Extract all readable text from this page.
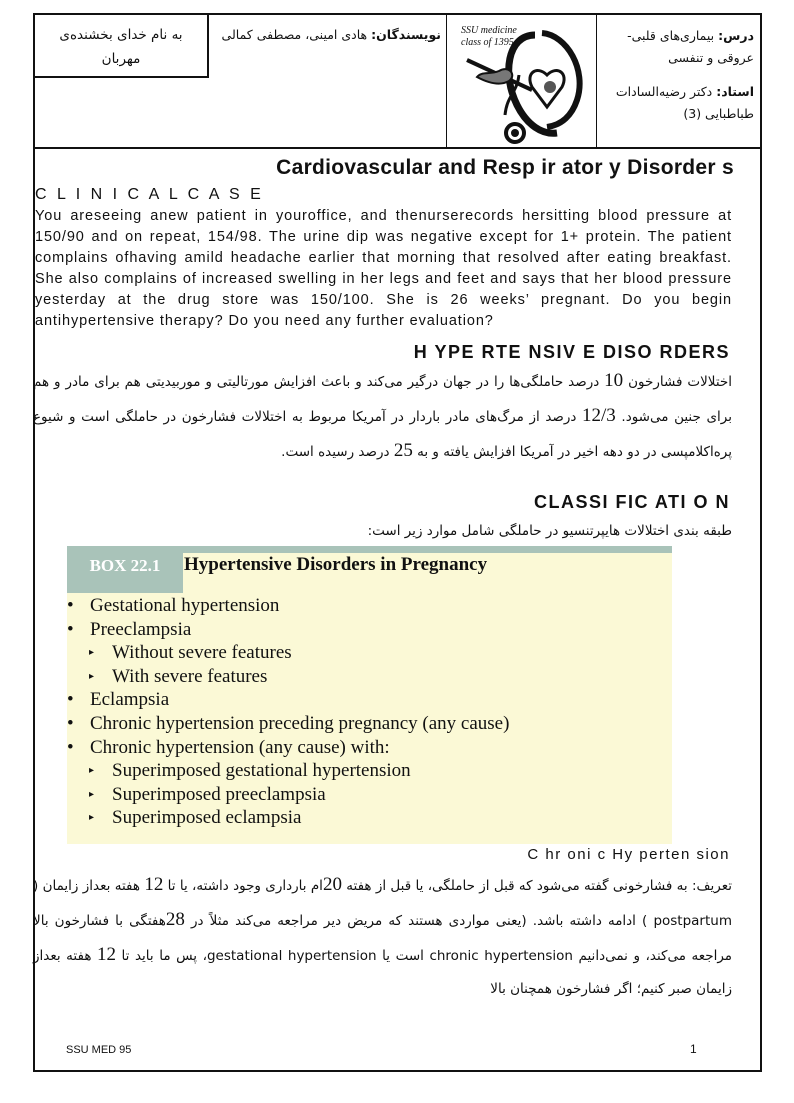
به نام خدای بخشنده‌ی مهربان
نویسندگان: هادی امینی، مصطفی کمالی	SSU medicine
class of 1395	درس: بیماری‌های قلبی-عروقی و تنفسی
استاد: دکتر رضیه‌السادات طباطبایی (3)
Cardiovascular and Resp ir ator y Disorder s
C L I N I C A L C A S E
You areseeing anew patient in youroffice, and thenurserecords hersitting blood pressure at 150/90 and on repeat, 154/98. The urine dip was negative except for 1+ protein. The patient complains ofhaving amild headache earlier that morning that resolved after eating breakfast. She also complains of increased swelling in her legs and feet and says that her blood pressure yesterday at the drug store was 150/100. She is 26 weeks’ pregnant. Do you begin antihypertensive therapy? Do you need any further evaluation?
H YPE RTE NSIV E DISO RDERS
اختلالات فشارخون 10 درصد حاملگی‌ها را در جهان درگیر می‌کند و باعث افزایش مورتالیتی و موربیدیتی هم برای مادر و هم برای جنین می‌شود. 12/3 درصد از مرگ‌های مادر باردار در آمریکا مربوط به اختلالات فشارخون در حاملگی است و شیوع پره‌اکلامپسی در دو دهه اخیر در آمریکا افزایش یافته و به 25 درصد رسیده است.
CLASSI FIC ATI O N
طبقه بندی اختلالات هایپرتنسیو در حاملگی شامل موارد زیر است:
BOX 22.1	Hypertensive Disorders in Pregnancy
• Gestational hypertension
• Preeclampsia
▸ Without severe features
▸ With severe features
• Eclampsia
• Chronic hypertension preceding pregnancy (any cause)
• Chronic hypertension (any cause) with:
▸ Superimposed gestational hypertension
▸ Superimposed preeclampsia
▸ Superimposed eclampsia
C hr oni c Hy perten sion
تعریف: به فشارخونی گفته می‌شود که قبل از حاملگی، یا قبل از هفته 20ام بارداری وجود داشته، یا تا 12 هفته بعداز زایمان ( postpartum ) ادامه داشته باشد. (یعنی مواردی هستند که مریض دیر مراجعه می‌کند مثلاً در 28هفتگی با فشارخون بالا مراجعه می‌کند، و نمی‌دانیم chronic hypertension است یا gestational hypertension، پس ما باید تا 12 هفته بعداز زایمان صبر کنیم؛ اگر فشارخون همچنان بالا
SSU MED 95	1
